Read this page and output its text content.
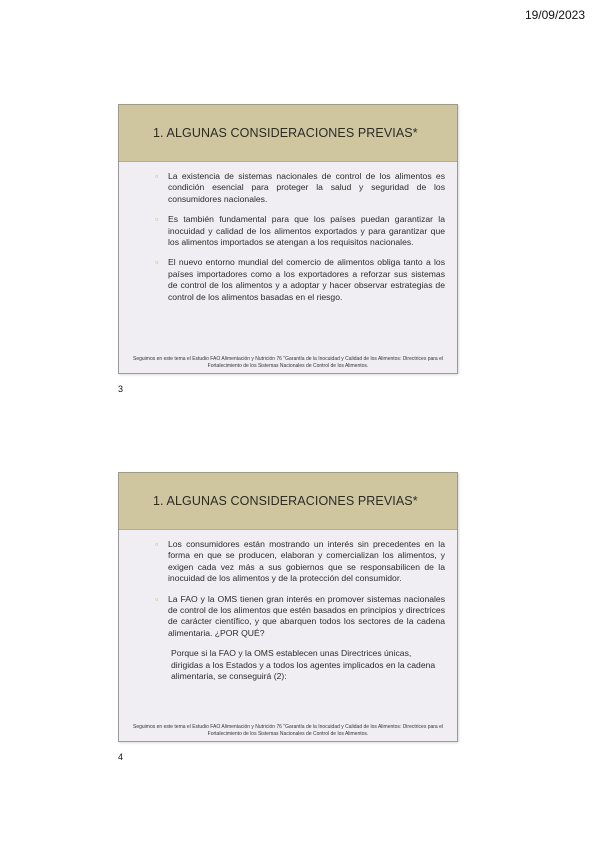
19/09/2023
1. ALGUNAS CONSIDERACIONES PREVIAS*
▫ La existencia de sistemas nacionales de control de los alimentos es condición esencial para proteger la salud y seguridad de los consumidores nacionales.
▫ Es también fundamental para que los países puedan garantizar la inocuidad y calidad de los alimentos exportados y para garantizar que los alimentos importados se atengan a los requisitos nacionales.
▫ El nuevo entorno mundial del comercio de alimentos obliga tanto a los países importadores como a los exportadores a reforzar sus sistemas de control de los alimentos y a adoptar y hacer observar estrategias de control de los alimentos basadas en el riesgo.
Seguimos en este tema el Estudio FAO Alimentación y Nutrición 76 "Garantía de la Inocuidad y Calidad de los Alimentos: Directrices para el Fortalecimiento de los Sistemas Nacionales de Control de los Alimentos.
3
1. ALGUNAS CONSIDERACIONES PREVIAS*
▫ Los consumidores están mostrando un interés sin precedentes en la forma en que se producen, elaboran y comercializan los alimentos, y exigen cada vez más a sus gobiernos que se responsabilicen de la inocuidad de los alimentos y de la protección del consumidor.
▫ La FAO y la OMS tienen gran interés en promover sistemas nacionales de control de los alimentos que estén basados en principios y directrices de carácter científico, y que abarquen todos los sectores de la cadena alimentaria. ¿POR QUÉ?
Porque si la FAO y la OMS establecen unas Directrices únicas, dirigidas a los Estados y a todos los agentes implicados en la cadena alimentaria, se conseguirá (2):
Seguimos en este tema el Estudio FAO Alimentación y Nutrición 76 "Garantía de la Inocuidad y Calidad de los Alimentos: Directrices para el Fortalecimiento de los Sistemas Nacionales de Control de los Alimentos.
4
